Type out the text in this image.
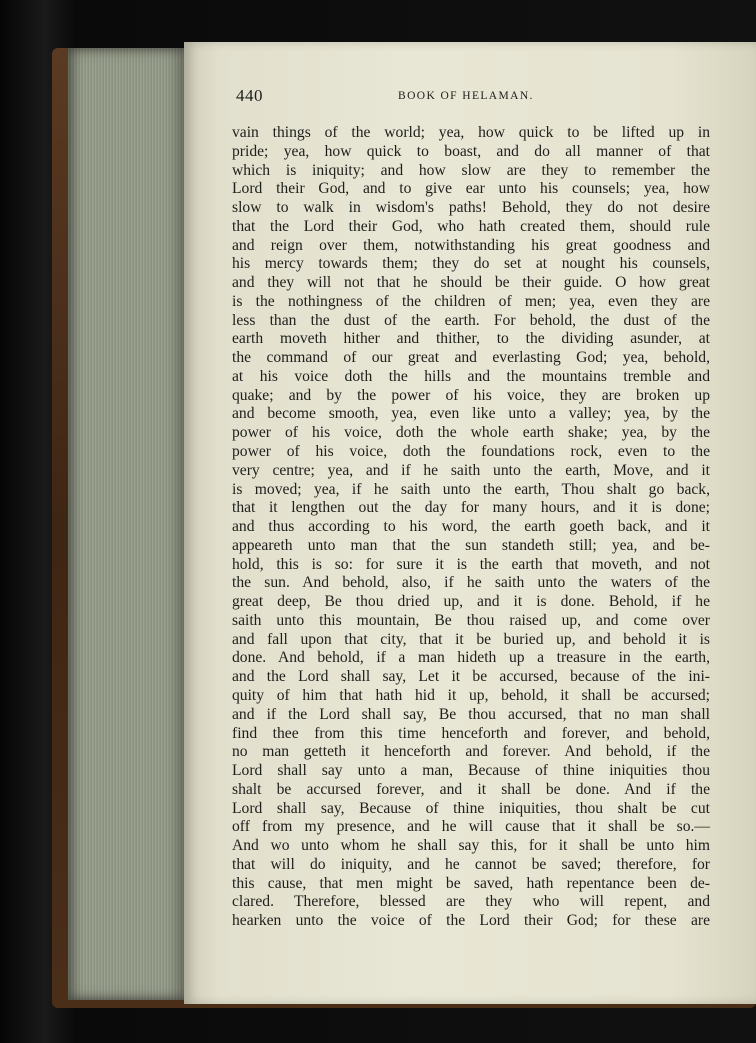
440	BOOK OF HELAMAN.
vain things of the world; yea, how quick to be lifted up in
pride; yea, how quick to boast, and do all manner of that
which is iniquity; and how slow are they to remember the
Lord their God, and to give ear unto his counsels; yea, how
slow to walk in wisdom's paths! Behold, they do not desire
that the Lord their God, who hath created them, should rule
and reign over them, notwithstanding his great goodness and
his mercy towards them; they do set at nought his counsels,
and they will not that he should be their guide. O how great
is the nothingness of the children of men; yea, even they are
less than the dust of the earth. For behold, the dust of the
earth moveth hither and thither, to the dividing asunder, at
the command of our great and everlasting God; yea, behold,
at his voice doth the hills and the mountains tremble and
quake; and by the power of his voice, they are broken up
and become smooth, yea, even like unto a valley; yea, by the
power of his voice, doth the whole earth shake; yea, by the
power of his voice, doth the foundations rock, even to the
very centre; yea, and if he saith unto the earth, Move, and it
is moved; yea, if he saith unto the earth, Thou shalt go back,
that it lengthen out the day for many hours, and it is done;
and thus according to his word, the earth goeth back, and it
appeareth unto man that the sun standeth still; yea, and be-
hold, this is so: for sure it is the earth that moveth, and not
the sun. And behold, also, if he saith unto the waters of the
great deep, Be thou dried up, and it is done. Behold, if he
saith unto this mountain, Be thou raised up, and come over
and fall upon that city, that it be buried up, and behold it is
done. And behold, if a man hideth up a treasure in the earth,
and the Lord shall say, Let it be accursed, because of the ini-
quity of him that hath hid it up, behold, it shall be accursed;
and if the Lord shall say, Be thou accursed, that no man shall
find thee from this time henceforth and forever, and behold,
no man getteth it henceforth and forever. And behold, if the
Lord shall say unto a man, Because of thine iniquities thou
shalt be accursed forever, and it shall be done. And if the
Lord shall say, Because of thine iniquities, thou shalt be cut
off from my presence, and he will cause that it shall be so.—
And wo unto whom he shall say this, for it shall be unto him
that will do iniquity, and he cannot be saved; therefore, for
this cause, that men might be saved, hath repentance been de-
clared. Therefore, blessed are they who will repent, and
hearken unto the voice of the Lord their God; for these are
